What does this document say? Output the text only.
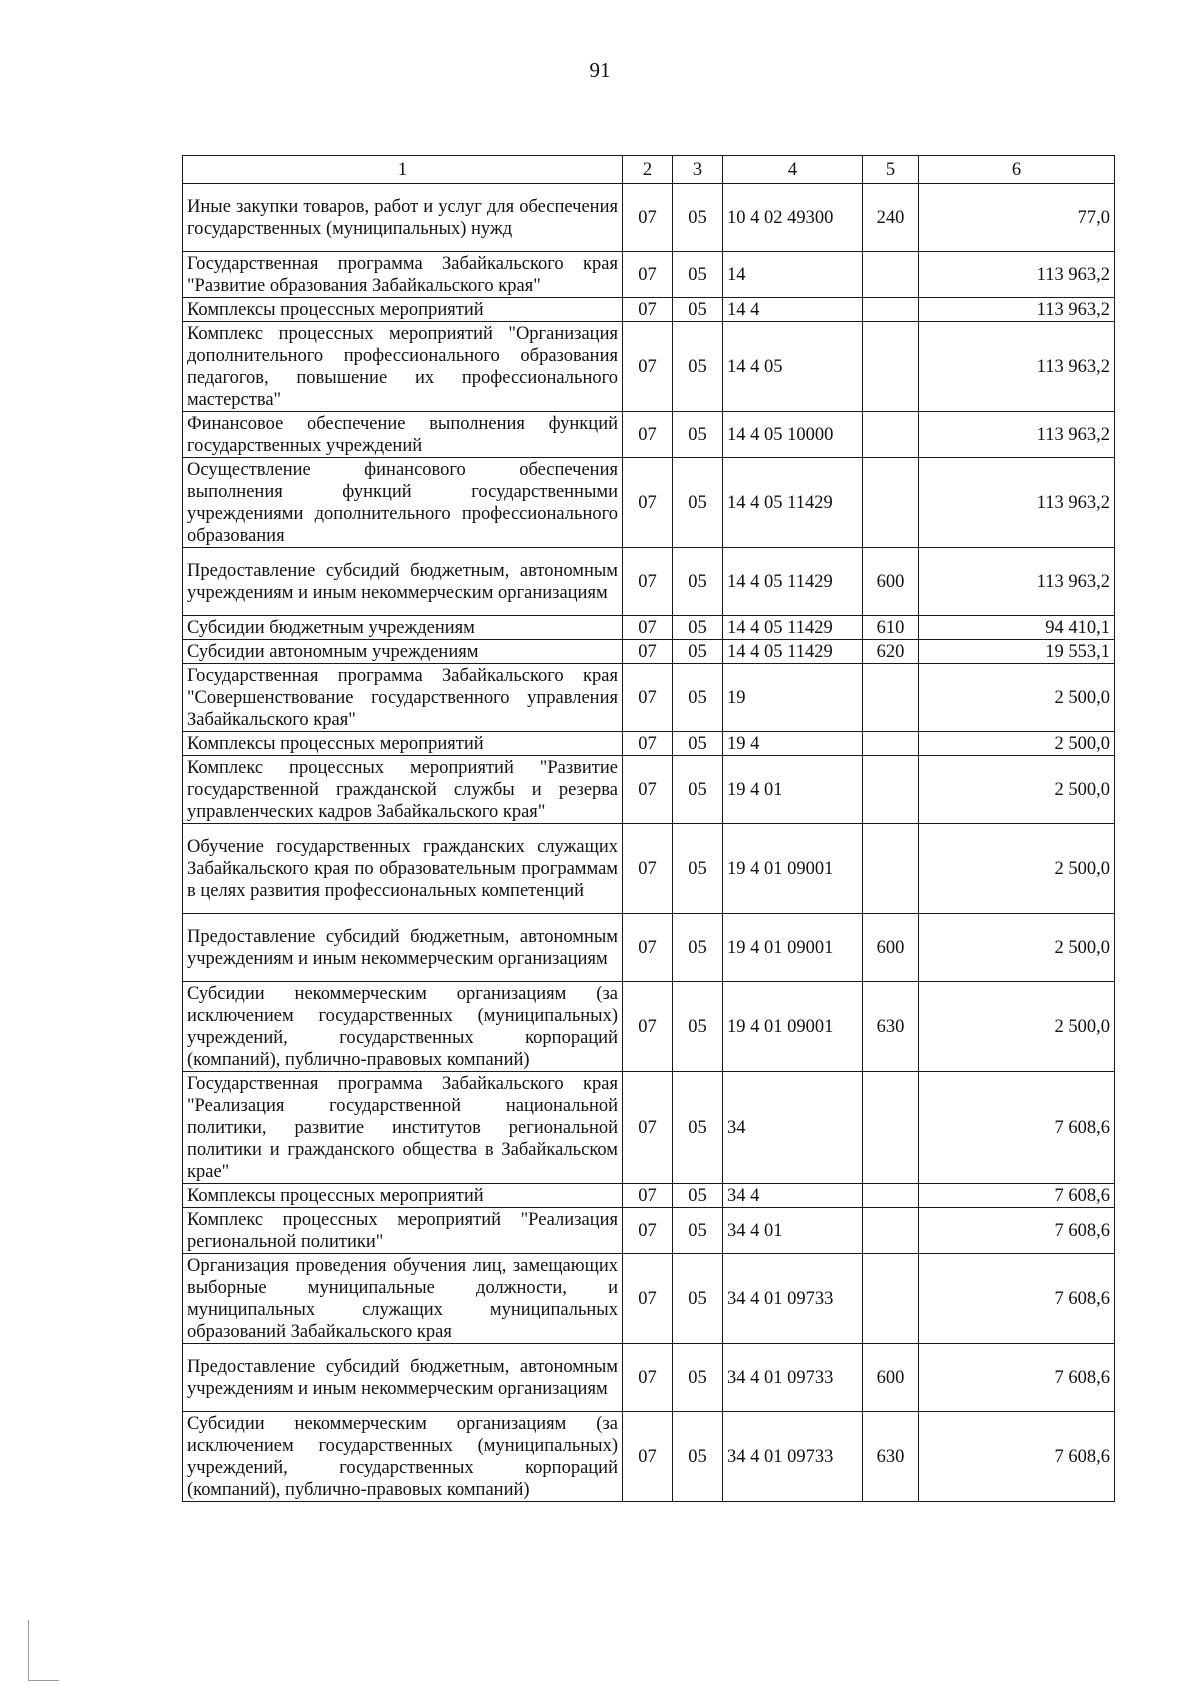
91
1	2	3	4	5	6
Иные закупки товаров, работ и услуг для обеспечения государственных (муниципальных) нужд	07	05	10 4 02 49300	240	77,0
Государственная программа Забайкальского края "Развитие образования Забайкальского края"	07	05	14		113 963,2
Комплексы процессных мероприятий	07	05	14 4		113 963,2
Комплекс процессных мероприятий "Организация дополнительного профессионального образования педагогов, повышение их профессионального мастерства"	07	05	14 4 05		113 963,2
Финансовое обеспечение выполнения функций государственных учреждений	07	05	14 4 05 10000		113 963,2
Осуществление финансового обеспечения выполнения функций государственными учреждениями дополнительного профессионального образования	07	05	14 4 05 11429		113 963,2
Предоставление субсидий бюджетным, автономным учреждениям и иным некоммерческим организациям	07	05	14 4 05 11429	600	113 963,2
Субсидии бюджетным учреждениям	07	05	14 4 05 11429	610	94 410,1
Субсидии автономным учреждениям	07	05	14 4 05 11429	620	19 553,1
Государственная программа Забайкальского края "Совершенствование государственного управления Забайкальского края"	07	05	19		2 500,0
Комплексы процессных мероприятий	07	05	19 4		2 500,0
Комплекс процессных мероприятий "Развитие государственной гражданской службы и резерва управленческих кадров Забайкальского края"	07	05	19 4 01		2 500,0
Обучение государственных гражданских служащих Забайкальского края по образовательным программам в целях развития профессиональных компетенций	07	05	19 4 01 09001		2 500,0
Предоставление субсидий бюджетным, автономным учреждениям и иным некоммерческим организациям	07	05	19 4 01 09001	600	2 500,0
Субсидии некоммерческим организациям (за исключением государственных (муниципальных) учреждений, государственных корпораций (компаний), публично-правовых компаний)	07	05	19 4 01 09001	630	2 500,0
Государственная программа Забайкальского края "Реализация государственной национальной политики, развитие институтов региональной политики и гражданского общества в Забайкальском крае"	07	05	34		7 608,6
Комплексы процессных мероприятий	07	05	34 4		7 608,6
Комплекс процессных мероприятий "Реализация региональной политики"	07	05	34 4 01		7 608,6
Организация проведения обучения лиц, замещающих выборные муниципальные должности, и муниципальных служащих муниципальных образований Забайкальского края	07	05	34 4 01 09733		7 608,6
Предоставление субсидий бюджетным, автономным учреждениям и иным некоммерческим организациям	07	05	34 4 01 09733	600	7 608,6
Субсидии некоммерческим организациям (за исключением государственных (муниципальных) учреждений, государственных корпораций (компаний), публично-правовых компаний)	07	05	34 4 01 09733	630	7 608,6
